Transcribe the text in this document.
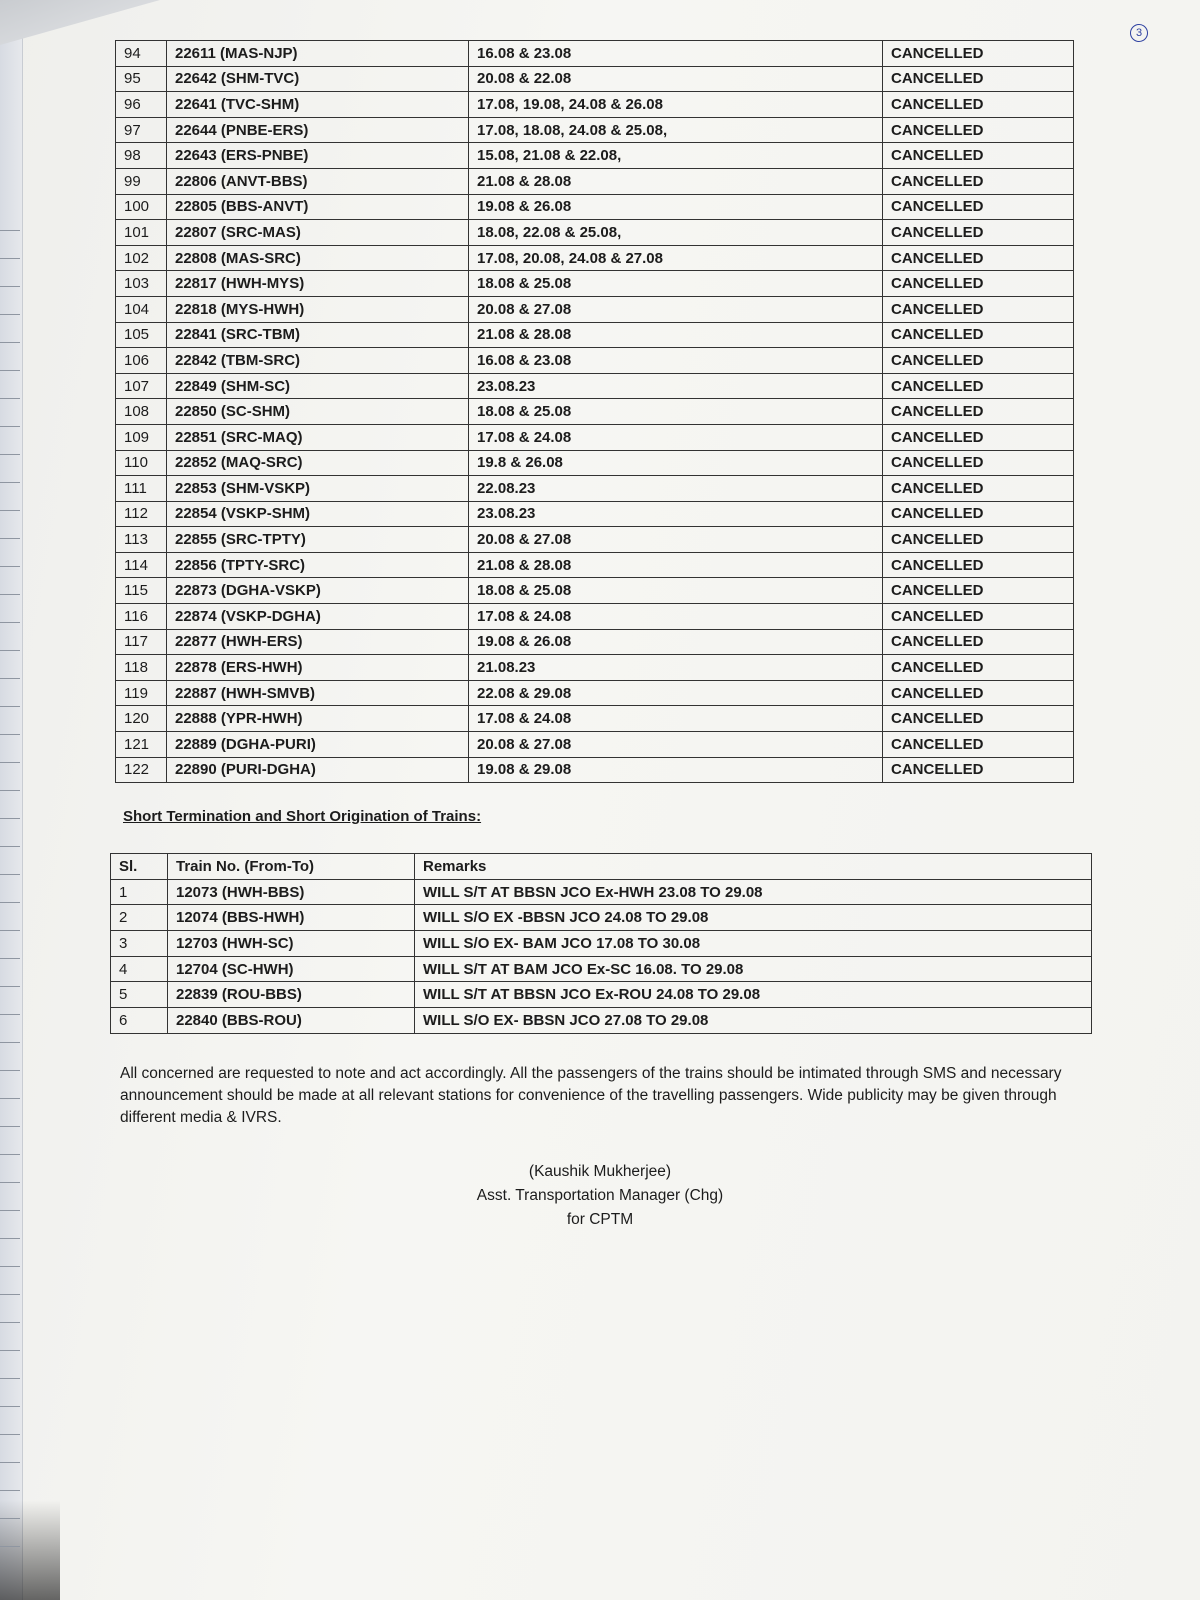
3
94	22611 (MAS-NJP)	16.08 & 23.08	CANCELLED
95	22642 (SHM-TVC)	20.08 & 22.08	CANCELLED
96	22641 (TVC-SHM)	17.08, 19.08, 24.08 & 26.08	CANCELLED
97	22644 (PNBE-ERS)	17.08, 18.08, 24.08 & 25.08,	CANCELLED
98	22643 (ERS-PNBE)	15.08, 21.08 & 22.08,	CANCELLED
99	22806 (ANVT-BBS)	21.08 & 28.08	CANCELLED
100	22805 (BBS-ANVT)	19.08 & 26.08	CANCELLED
101	22807 (SRC-MAS)	18.08, 22.08 & 25.08,	CANCELLED
102	22808 (MAS-SRC)	17.08, 20.08, 24.08 & 27.08	CANCELLED
103	22817 (HWH-MYS)	18.08 & 25.08	CANCELLED
104	22818 (MYS-HWH)	20.08 & 27.08	CANCELLED
105	22841 (SRC-TBM)	21.08 & 28.08	CANCELLED
106	22842 (TBM-SRC)	16.08 & 23.08	CANCELLED
107	22849 (SHM-SC)	23.08.23	CANCELLED
108	22850 (SC-SHM)	18.08 & 25.08	CANCELLED
109	22851 (SRC-MAQ)	17.08 & 24.08	CANCELLED
110	22852 (MAQ-SRC)	19.8 & 26.08	CANCELLED
111	22853 (SHM-VSKP)	22.08.23	CANCELLED
112	22854 (VSKP-SHM)	23.08.23	CANCELLED
113	22855 (SRC-TPTY)	20.08 & 27.08	CANCELLED
114	22856 (TPTY-SRC)	21.08 & 28.08	CANCELLED
115	22873 (DGHA-VSKP)	18.08 & 25.08	CANCELLED
116	22874 (VSKP-DGHA)	17.08 & 24.08	CANCELLED
117	22877 (HWH-ERS)	19.08 & 26.08	CANCELLED
118	22878 (ERS-HWH)	21.08.23	CANCELLED
119	22887 (HWH-SMVB)	22.08 & 29.08	CANCELLED
120	22888 (YPR-HWH)	17.08 & 24.08	CANCELLED
121	22889 (DGHA-PURI)	20.08 & 27.08	CANCELLED
122	22890 (PURI-DGHA)	19.08 & 29.08	CANCELLED
Short Termination and Short Origination of Trains:
Sl.	Train No. (From-To)	Remarks
1	12073 (HWH-BBS)	WILL S/T AT BBSN JCO Ex-HWH 23.08 TO 29.08
2	12074 (BBS-HWH)	WILL S/O EX -BBSN JCO 24.08 TO 29.08
3	12703 (HWH-SC)	WILL S/O EX- BAM JCO 17.08 TO 30.08
4	12704 (SC-HWH)	WILL S/T AT BAM JCO Ex-SC 16.08. TO 29.08
5	22839 (ROU-BBS)	WILL S/T AT BBSN JCO Ex-ROU 24.08 TO 29.08
6	22840 (BBS-ROU)	WILL S/O EX- BBSN JCO 27.08 TO 29.08
All concerned are requested to note and act accordingly. All the passengers of the trains should be intimated through SMS and necessary announcement should be made at all relevant stations for convenience of the travelling passengers. Wide publicity may be given through different media & IVRS.
(Kaushik Mukherjee)
Asst. Transportation Manager (Chg)
for CPTM
